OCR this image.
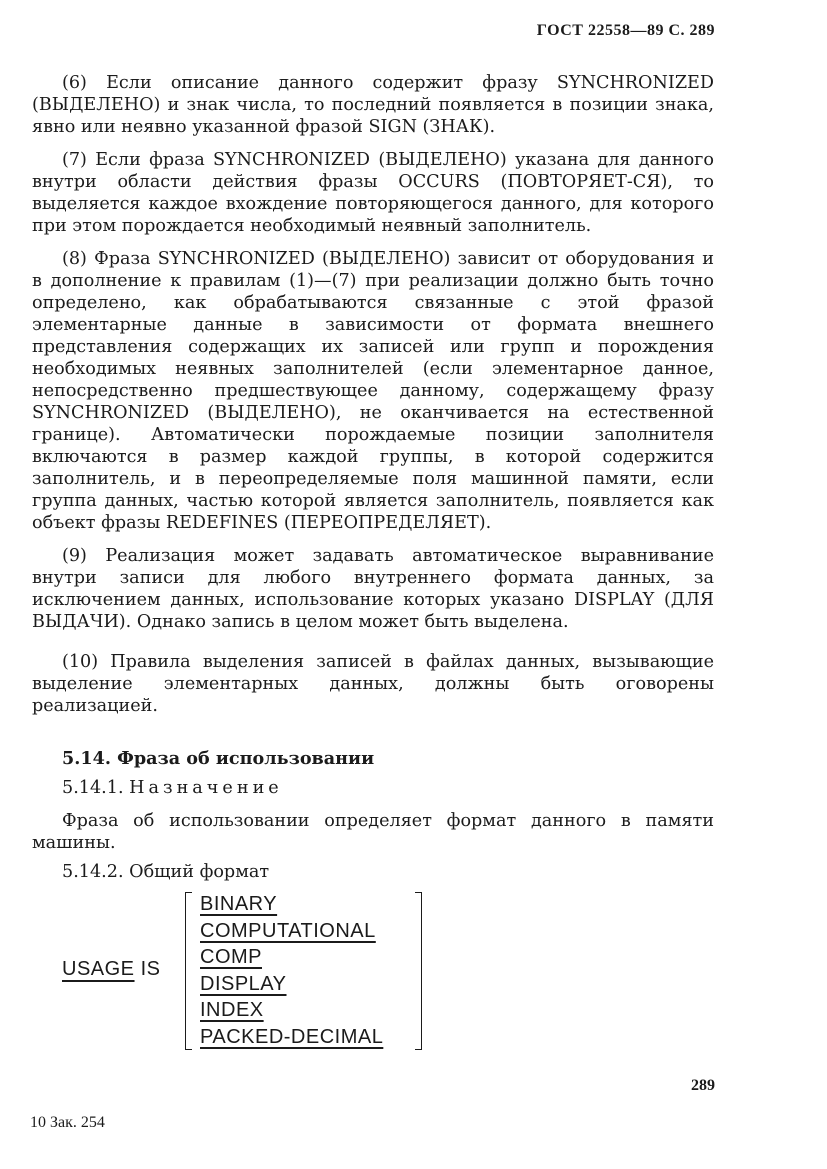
ГОСТ 22558—89 С. 289

(6) Если описание данного содержит фразу SYNCHRONIZED (ВЫДЕЛЕНО) и знак числа, то последний появляется в позиции знака, явно или неявно указанной фразой SIGN (ЗНАК).

(7) Если фраза SYNCHRONIZED (ВЫДЕЛЕНО) указана для данного внутри области действия фразы OCCURS (ПОВТОРЯЕТ-СЯ), то выделяется каждое вхождение повторяющегося данного, для которого при этом порождается необходимый неявный заполнитель.

(8) Фраза SYNCHRONIZED (ВЫДЕЛЕНО) зависит от оборудования и в дополнение к правилам (1)—(7) при реализации должно быть точно определено, как обрабатываются связанные с этой фразой элементарные данные в зависимости от формата внешнего представления содержащих их записей или групп и порождения необходимых неявных заполнителей (если элементарное данное, непосредственно предшествующее данному, содержащему фразу SYNCHRONIZED (ВЫДЕЛЕНО), не оканчивается на естественной границе). Автоматически порождаемые позиции заполнителя включаются в размер каждой группы, в которой содержится заполнитель, и в переопределяемые поля машинной памяти, если группа данных, частью которой является заполнитель, появляется как объект фразы REDEFINES (ПЕРЕОПРЕДЕЛЯЕТ).

(9) Реализация может задавать автоматическое выравнивание внутри записи для любого внутреннего формата данных, за исключением данных, использование которых указано DISPLAY (ДЛЯ ВЫДАЧИ). Однако запись в целом может быть выделена.

(10) Правила выделения записей в файлах данных, вызывающие выделение элементарных данных, должны быть оговорены реализацией.

5.14. Фраза об использовании
5.14.1. Назначение

Фраза об использовании определяет формат данного в памяти машины.

5.14.2. Общий формат
USAGE IS
BINARY
COMPUTATIONAL
COMP
DISPLAY
INDEX
PACKED-DECIMAL
289
10 Зак. 254
